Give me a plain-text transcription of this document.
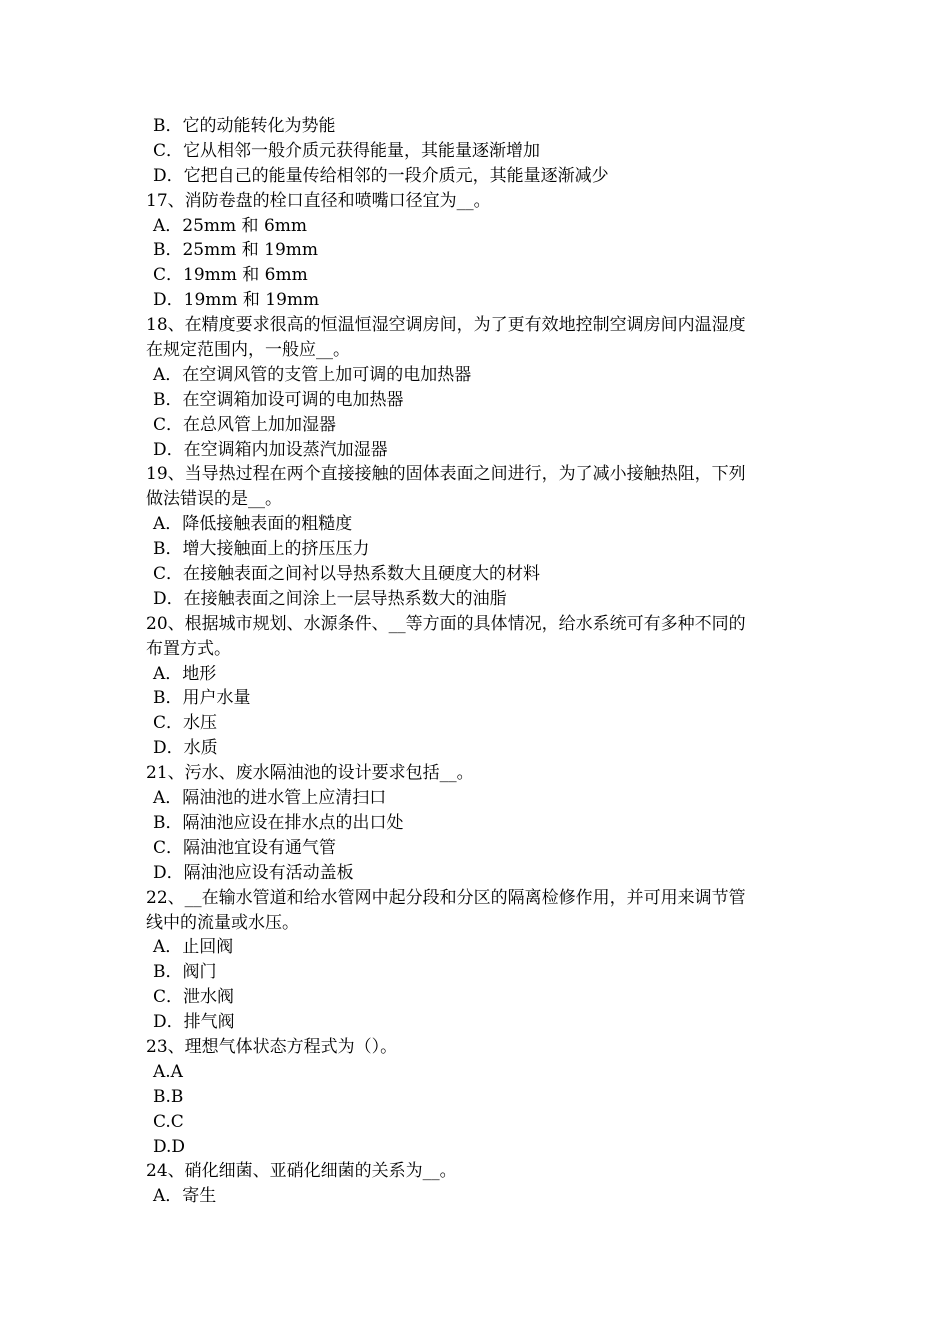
B．它的动能转化为势能
C．它从相邻一般介质元获得能量，其能量逐渐增加
D．它把自己的能量传给相邻的一段介质元，其能量逐渐减少
17、消防卷盘的栓口直径和喷嘴口径宜为__。
A．25mm 和 6mm
B．25mm 和 19mm
C．19mm 和 6mm
D．19mm 和 19mm
18、在精度要求很高的恒温恒湿空调房间，为了更有效地控制空调房间内温湿度
在规定范围内，一般应__。
A．在空调风管的支管上加可调的电加热器
B．在空调箱加设可调的电加热器
C．在总风管上加加湿器
D．在空调箱内加设蒸汽加湿器
19、当导热过程在两个直接接触的固体表面之间进行，为了减小接触热阻，下列
做法错误的是__。
A．降低接触表面的粗糙度
B．增大接触面上的挤压压力
C．在接触表面之间衬以导热系数大且硬度大的材料
D．在接触表面之间涂上一层导热系数大的油脂
20、根据城市规划、水源条件、__等方面的具体情况，给水系统可有多种不同的
布置方式。
A．地形
B．用户水量
C．水压
D．水质
21、污水、废水隔油池的设计要求包括__。
A．隔油池的进水管上应清扫口
B．隔油池应设在排水点的出口处
C．隔油池宜设有通气管
D．隔油池应设有活动盖板
22、__在输水管道和给水管网中起分段和分区的隔离检修作用，并可用来调节管
线中的流量或水压。
A．止回阀
B．阀门
C．泄水阀
D．排气阀
23、理想气体状态方程式为（）。
A.A
B.B
C.C
D.D
24、硝化细菌、亚硝化细菌的关系为__。
A．寄生
